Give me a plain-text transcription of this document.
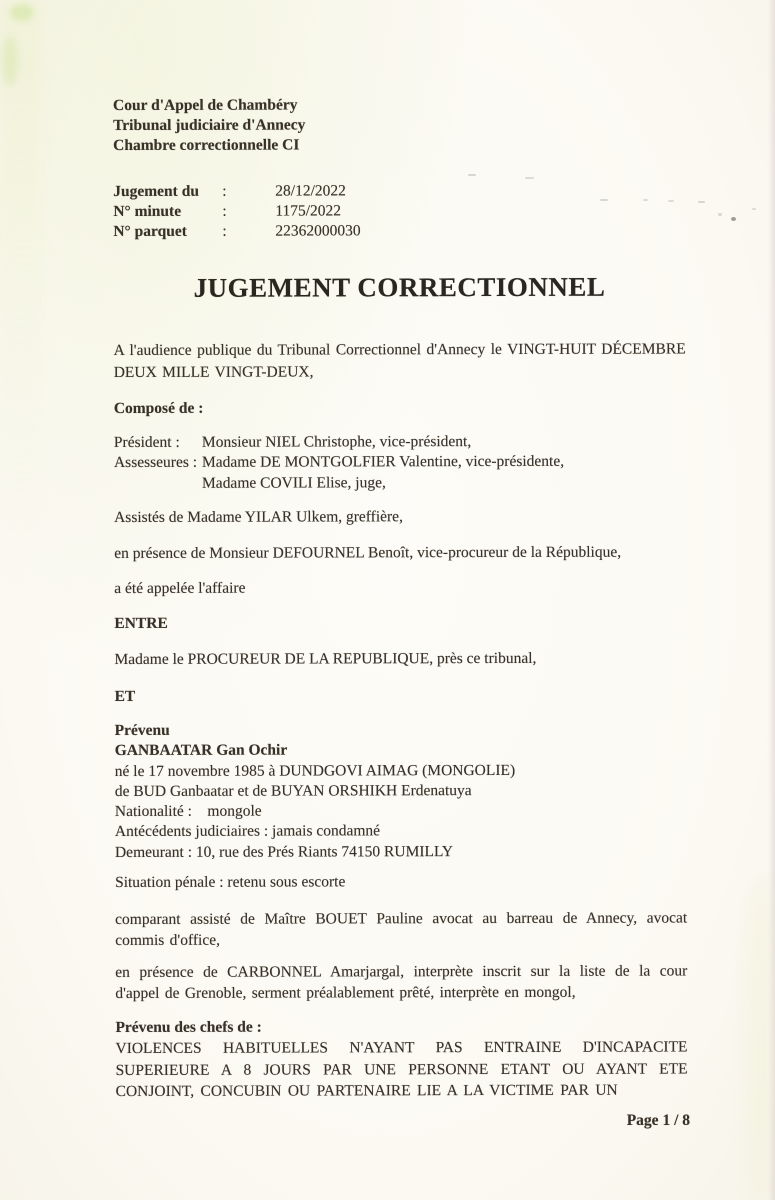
Cour d'Appel de Chambéry
Tribunal judiciaire d'Annecy
Chambre correctionnelle CI
Jugement du :	28/12/2022
N° minute	:	1175/2022
N° parquet :	22362000030
JUGEMENT CORRECTIONNEL
A l'audience publique du Tribunal Correctionnel d'Annecy le VINGT-HUIT DÉCEMBRE DEUX MILLE VINGT-DEUX,
Composé de :
Président :	Monsieur NIEL Christophe, vice-président,
Assesseures : Madame DE MONTGOLFIER Valentine, vice-présidente,
Madame COVILI Elise, juge,
Assistés de Madame YILAR Ulkem, greffière,
en présence de Monsieur DEFOURNEL Benoît, vice-procureur de la République,
a été appelée l'affaire
ENTRE
Madame le PROCUREUR DE LA REPUBLIQUE, près ce tribunal,
ET
Prévenu
GANBAATAR Gan Ochir
né le 17 novembre 1985 à DUNDGOVI AIMAG (MONGOLIE)
de BUD Ganbaatar et de BUYAN ORSHIKH Erdenatuya
Nationalité :    mongole
Antécédents judiciaires : jamais condamné
Demeurant : 10, rue des Prés Riants 74150 RUMILLY
Situation pénale : retenu sous escorte
comparant assisté de Maître BOUET Pauline avocat au barreau de Annecy, avocat commis d'office,
en présence de CARBONNEL Amarjargal, interprète inscrit sur la liste de la cour d'appel de Grenoble, serment préalablement prêté, interprète en mongol,
Prévenu des chefs de :
VIOLENCES HABITUELLES N'AYANT PAS ENTRAINE D'INCAPACITE SUPERIEURE A 8 JOURS PAR UNE PERSONNE ETANT OU AYANT ETE CONJOINT, CONCUBIN OU PARTENAIRE LIE A LA VICTIME PAR UN
Page 1 / 8
